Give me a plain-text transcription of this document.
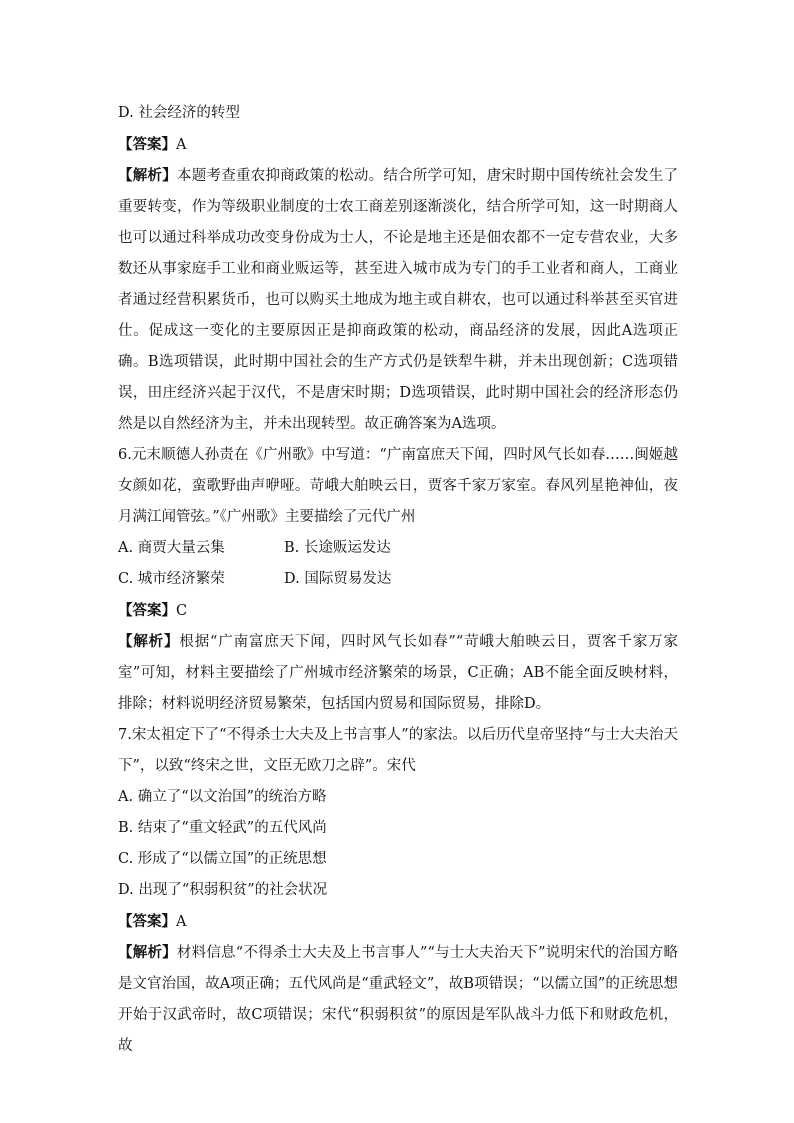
D. 社会经济的转型
【答案】A
【解析】本题考查重农抑商政策的松动。结合所学可知，唐宋时期中国传统社会发生了重要转变，作为等级职业制度的士农工商差别逐渐淡化，结合所学可知，这一时期商人也可以通过科举成功改变身份成为士人，不论是地主还是佃农都不一定专营农业，大多数还从事家庭手工业和商业贩运等，甚至进入城市成为专门的手工业者和商人，工商业者通过经营积累货币，也可以购买土地成为地主或自耕农，也可以通过科举甚至买官进仕。促成这一变化的主要原因正是抑商政策的松动，商品经济的发展，因此A选项正确。B选项错误，此时期中国社会的生产方式仍是铁犁牛耕，并未出现创新；C选项错误，田庄经济兴起于汉代，不是唐宋时期；D选项错误，此时期中国社会的经济形态仍然是以自然经济为主，并未出现转型。故正确答案为A选项。
6.元末顺德人孙责在《广州歌》中写道：“广南富庶天下闻，四时风气长如春……闽姬越女颜如花，蛮歌野曲声咿哑。苛峨大舶映云日，贾客千家万家室。春风列星艳神仙，夜月满江闻管弦。”《广州歌》主要描绘了元代广州
A. 商贾大量云集	B. 长途贩运发达
C. 城市经济繁荣	D. 国际贸易发达
【答案】C
【解析】根据“广南富庶天下闻，四时风气长如春”“苛峨大舶映云日，贾客千家万家室”可知，材料主要描绘了广州城市经济繁荣的场景，C正确；AB不能全面反映材料，排除；材料说明经济贸易繁荣，包括国内贸易和国际贸易，排除D。
7.宋太祖定下了“不得杀士大夫及上书言事人”的家法。以后历代皇帝坚持“与士大夫治天下”，以致“终宋之世，文臣无欧刀之辟”。宋代
A. 确立了“以文治国”的统治方略
B. 结束了“重文轻武”的五代风尚
C. 形成了“以儒立国”的正统思想
D. 出现了“积弱积贫”的社会状况
【答案】A
【解析】材料信息“不得杀士大夫及上书言事人”“与士大夫治天下”说明宋代的治国方略是文官治国，故A项正确；五代风尚是“重武轻文”，故B项错误；“以儒立国”的正统思想开始于汉武帝时，故C项错误；宋代“积弱积贫”的原因是军队战斗力低下和财政危机，故
